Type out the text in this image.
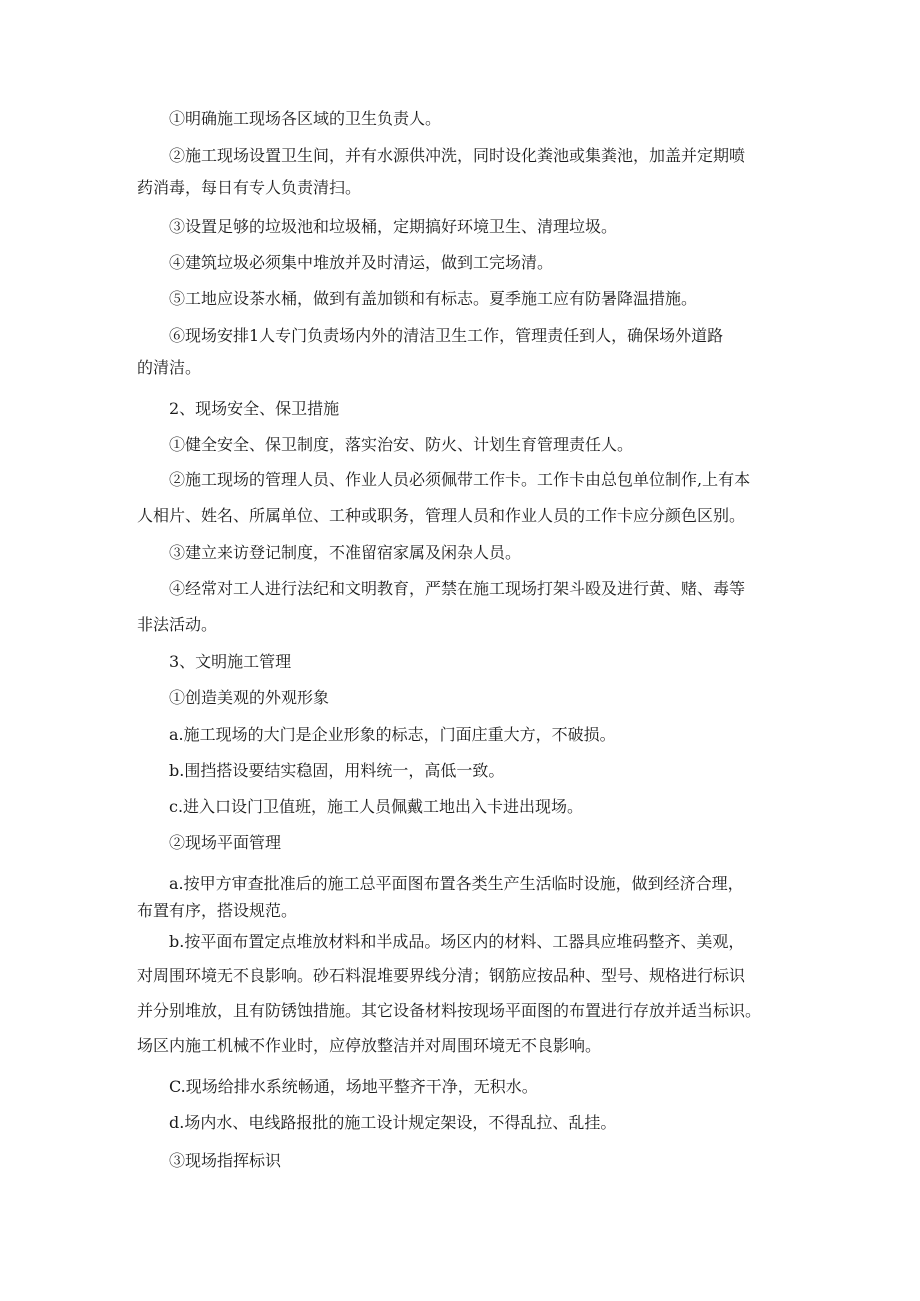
①明确施工现场各区域的卫生负责人。
②施工现场设置卫生间，并有水源供冲洗，同时设化粪池或集粪池，加盖并定期喷
药消毒，每日有专人负责清扫。
③设置足够的垃圾池和垃圾桶，定期搞好环境卫生、清理垃圾。
④建筑垃圾必须集中堆放并及时清运，做到工完场清。
⑤工地应设茶水桶，做到有盖加锁和有标志。夏季施工应有防暑降温措施。
⑥现场安排1人专门负责场内外的清洁卫生工作，管理责任到人，确保场外道路
的清洁。
2、现场安全、保卫措施
①健全安全、保卫制度，落实治安、防火、计划生育管理责任人。
②施工现场的管理人员、作业人员必须佩带工作卡。工作卡由总包单位制作,上有本
人相片、姓名、所属单位、工种或职务，管理人员和作业人员的工作卡应分颜色区别。
③建立来访登记制度，不准留宿家属及闲杂人员。
④经常对工人进行法纪和文明教育，严禁在施工现场打架斗殴及进行黄、赌、毒等
非法活动。
3、文明施工管理
①创造美观的外观形象
a.施工现场的大门是企业形象的标志，门面庄重大方，不破损。
b.围挡搭设要结实稳固，用料统一，高低一致。
c.进入口设门卫值班，施工人员佩戴工地出入卡进出现场。
②现场平面管理
a.按甲方审查批准后的施工总平面图布置各类生产生活临时设施，做到经济合理，
布置有序，搭设规范。
b.按平面布置定点堆放材料和半成品。场区内的材料、工器具应堆码整齐、美观，
对周围环境无不良影响。砂石料混堆要界线分清；钢筋应按品种、型号、规格进行标识
并分别堆放，且有防锈蚀措施。其它设备材料按现场平面图的布置进行存放并适当标识。
场区内施工机械不作业时，应停放整洁并对周围环境无不良影响。
C.现场给排水系统畅通，场地平整齐干净，无积水。
d.场内水、电线路报批的施工设计规定架设，不得乱拉、乱挂。
③现场指挥标识
